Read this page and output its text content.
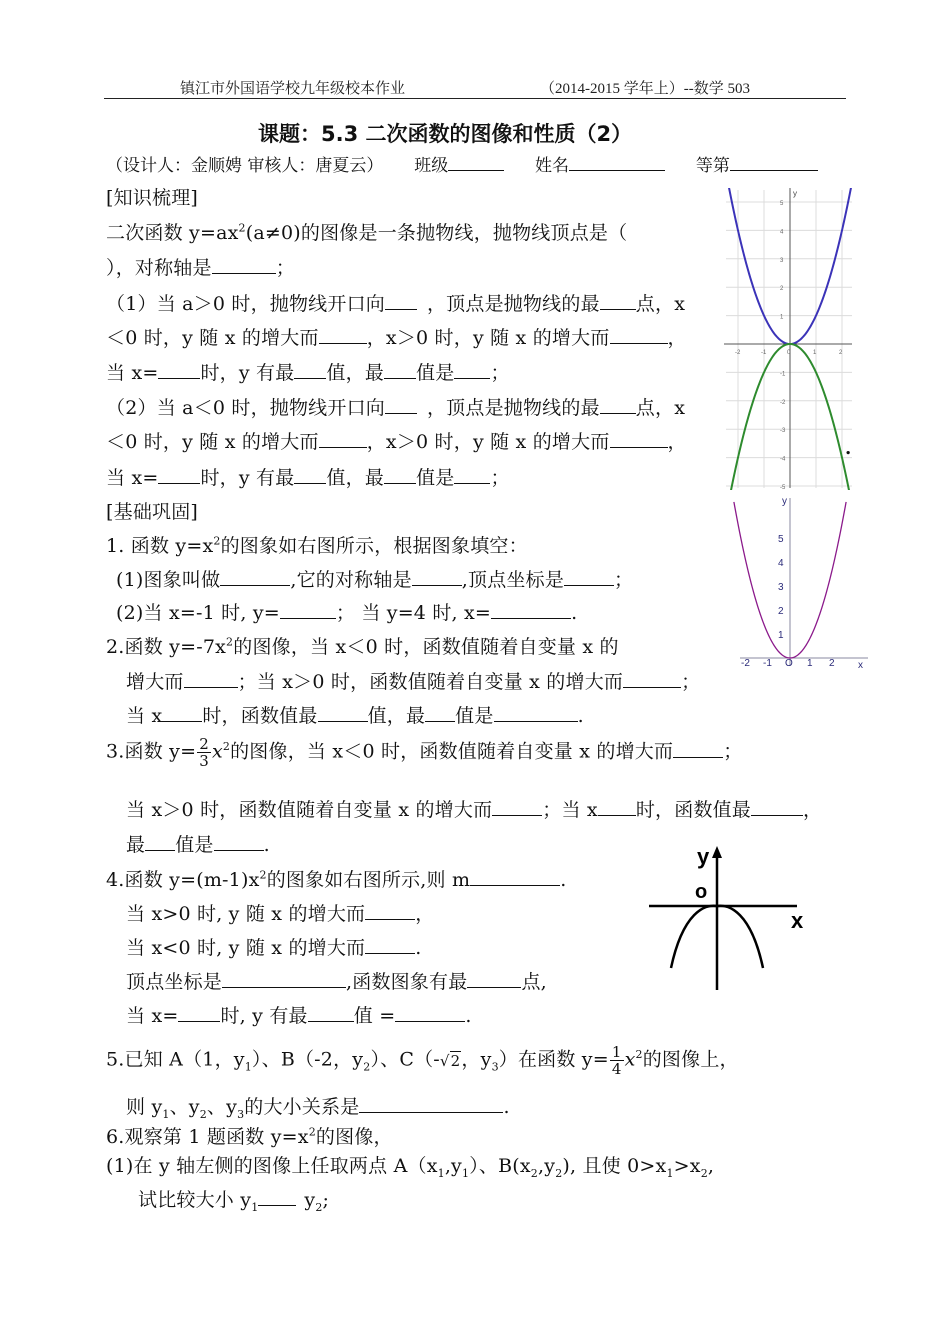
镇江市外国语学校九年级校本作业	（2014-2015 学年上）--数学 503
课题：5.3 二次函数的图像和性质（2）
（设计人：金顺娉 审核人：唐夏云） 班级	姓名	等第
[知识梳理]
二次函数 $y=ax^2(a\ne 0)$的图像是一条抛物线，抛物线顶点是（
），对称轴是	；
（1）当 a＞0 时，抛物线开口向 ，顶点是抛物线的最 点，x
＜0 时，y 随 x 的增大而	，x＞0 时，y 随 x 的增大而	，
当 x= 时，y 有最 值，最 值是 ；
（2）当 a＜0 时，抛物线开口向 ，顶点是抛物线的最 点，x
＜0 时，y 随 x 的增大而	，x＞0 时，y 随 x 的增大而	，
当 x= 时，y 有最 值，最 值是 ；
[基础巩固]
1. 函数 $y=x^2$的图象如右图所示，根据图象填空：
(1)图象叫做	,它的对称轴是	,顶点坐标是	；
(2)当 x=-1 时, y=	； 当 y=4 时, x=	.
2.函数 $y=-7x^2$的图像，当 x＜0 时，函数值随着自变量 x 的
增大而	；当 x＞0 时，函数值随着自变量 x 的增大而	；
当 x 时，函数值最	值，最 值是	.
3.函数 $y= \frac{2}{3} x^2$的图像，当 x＜0 时，函数值随着自变量 x 的增大而	；
当 x＞0 时，函数值随着自变量 x 的增大而	；当 x 时，函数值最	，
最 值是	.
4.函数 $y=(m-1)x^2$的图象如右图所示,则 m	.
当 x>0 时, y 随 x 的增大而	，
当 x<0 时, y 随 x 的增大而	.
顶点坐标是	,函数图象有最	点,
当 x= 时, y 有最 值 =	.
5.已知 A（1，$y_1$）、B（-2，$y_2$）、C（-√2，$y_3$）在函数 $y= \frac{1}{4} x^2$的图像上，
则 $y_1$、$y_2$、$y_3$的大小关系是	.
6.观察第 1 题函数 $y=x^2$的图像，
(1)在 y 轴左侧的图像上任取两点 $A(x_1,y_1)$、$B(x_2,y_2)$, 且使 $0>x_1>x_2$,
试比较大小 $y_1$ $y_2$;
y
5
4
3
2
1
-1
-2
-3
-4
-5
-2	-1	0	1	2
.
y
x
5
4
3
2
1
-2 -1 O 1 2
y
o
x
